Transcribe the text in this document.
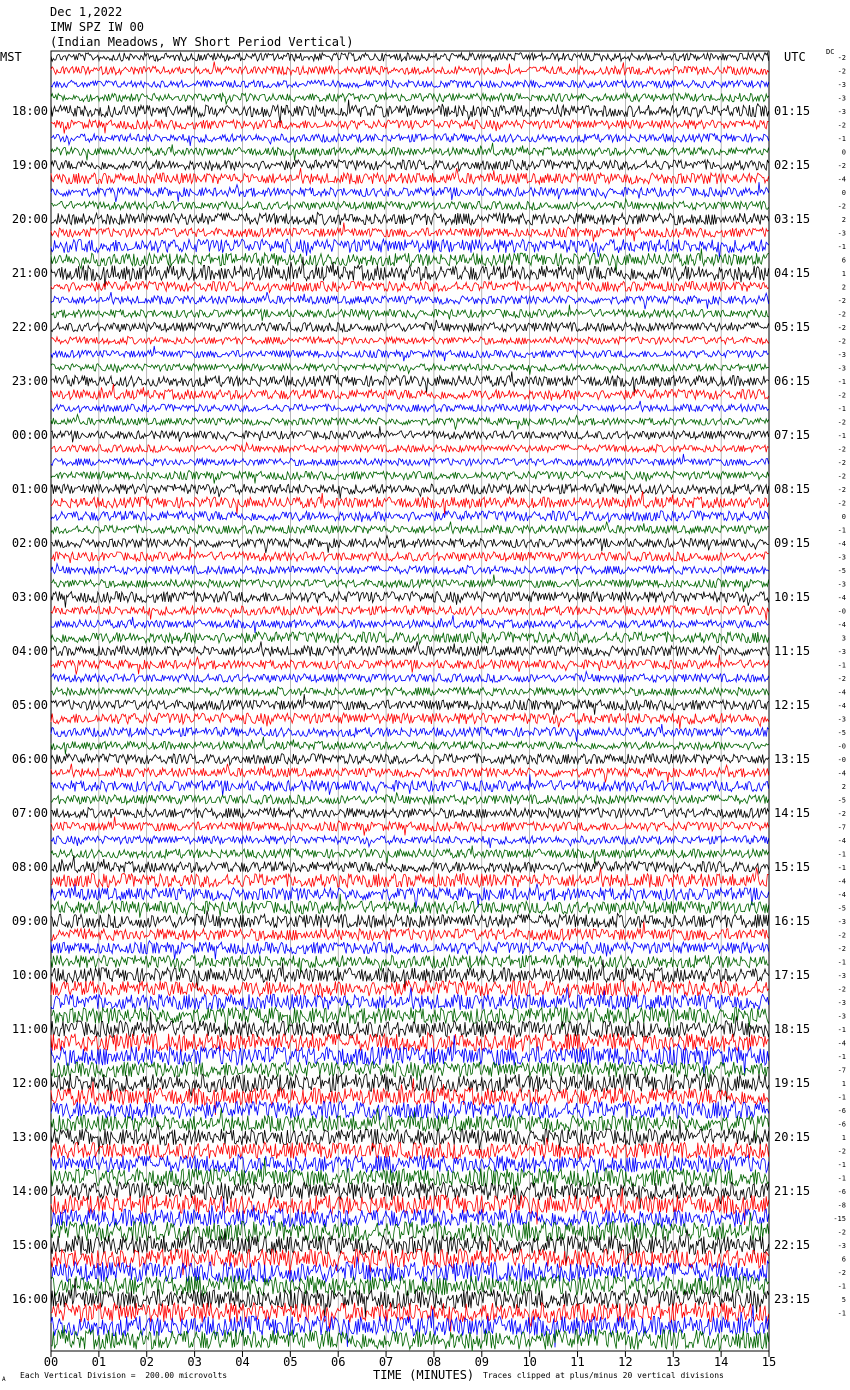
Dec 1,2022
IMW SPZ IW 00
(Indian Meadows, WY Short Period Vertical)
MST	UTC	DC
00	01	02	03	04	05	06	07	08	09	10	11	12	13	14	15
18:00
19:00
20:00
21:00
22:00
23:00
00:00
01:00
02:00
03:00
04:00
05:00
06:00
07:00
08:00
09:00
10:00
11:00
12:00
13:00
14:00
15:00
16:00
01:15
02:15
03:15
04:15
05:15
06:15
07:15
08:15
09:15
10:15
11:15
12:15
13:15
14:15
15:15
16:15
17:15
18:15
19:15
20:15
21:15
22:15
23:15
-2
-2
-3
-3
-3
-2
-1
0
-2
-4
0
-2
2
-3
-1
6
1
2
-2
-2
-2
-2
-3
-3
-1
-2
-1
-2
-1
-2
-2
-2
-2
-2
0
-1
-4
-3
-5
-3
-4
-0
-4
3
-3
-1
-2
-4
-4
-3
-5
-0
-0
-4
2
-5
-2
-7
-4
-1
-1
-4
-4
-5
-3
-2
-2
-1
-3
-2
-3
-3
-1
-4
-1
-7
1
-1
-6
-6
1
-2
-1
-1
-6
-8
-15
-2
-3
6
-2
-1
5
-1
Each Vertical Division =  200.00 microvolts	TIME (MINUTES) Traces clipped at plus/minus 20 vertical divisions
A
